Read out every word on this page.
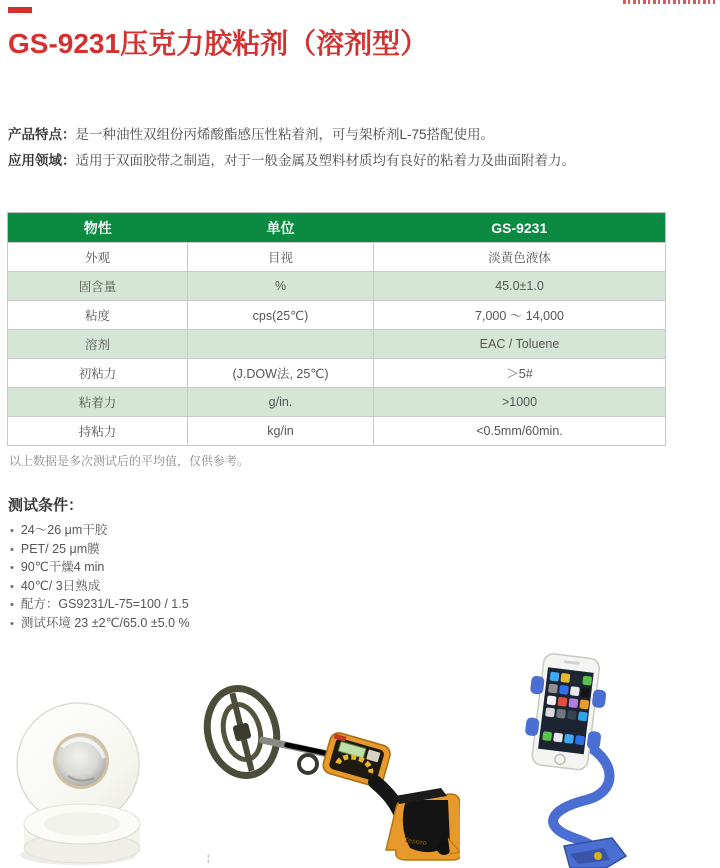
GS-9231压克力胶粘剂（溶剂型）
产品特点：是一种油性双组份丙烯酸酯感压性粘着剂，可与架桥剂L-75搭配使用。
应用领域：适用于双面胶带之制造，对于一般金属及塑料材质均有良好的粘着力及曲面附着力。
物性	单位	GS-9231
外观	目视	淡黄色液体
固含量	%	45.0±1.0
粘度	cps(25℃)	7,000 ～ 14,000
溶剂		EAC / Toluene
初粘力	(J.DOW法, 25℃)	＞5#
粘着力	g/in.	>1000
持粘力	kg/in	<0.5mm/60min.
以上数据是多次测试后的平均值，仅供参考。
测试条件：
• 24～26 μm干胶
• PET/ 25 μm膜
• 90℃干燥4 min
• 40℃/ 3日熟成
• 配方：GS9231/L-75=100 / 1.5
• 测试环境 23 ±2℃/65.0 ±5.0 %
Tesoro
¦
